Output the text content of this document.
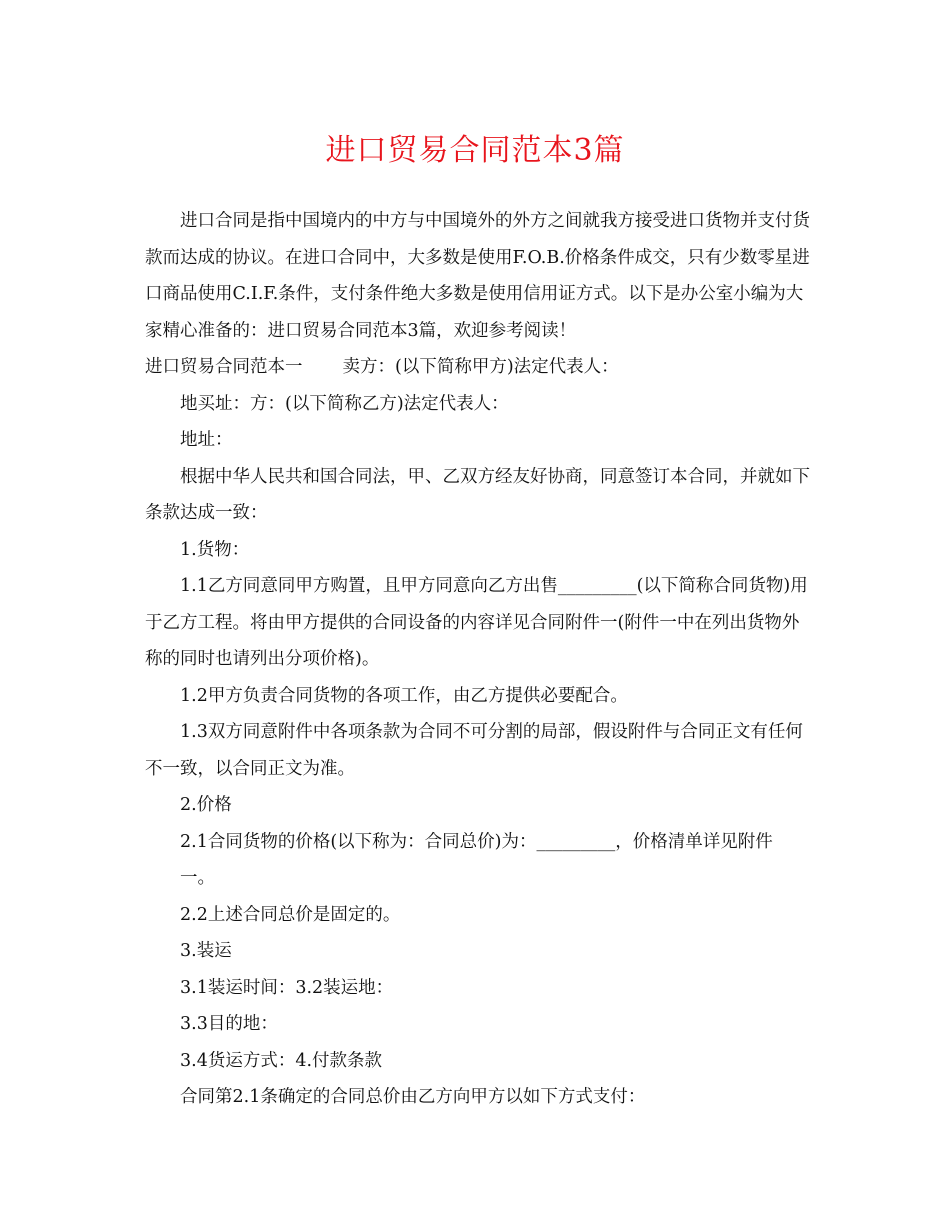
进口贸易合同范本3篇

进口合同是指中国境内的中方与中国境外的外方之间就我方接受进口货物并支付货款而达成的协议。在进口合同中，大多数是使用F.O.B.价格条件成交，只有少数零星进口商品使用C.I.F.条件，支付条件绝大多数是使用信用证方式。以下是办公室小编为大家精心准备的：进口贸易合同范本3篇，欢迎参考阅读！

进口贸易合同范本一 卖方：(以下简称甲方)法定代表人：

地买址：方：(以下简称乙方)法定代表人：

地址：

根据中华人民共和国合同法，甲、乙双方经友好协商，同意签订本合同，并就如下条款达成一致：

1.货物：

1.1乙方同意同甲方购置，且甲方同意向乙方出售_________(以下简称合同货物)用于乙方工程。将由甲方提供的合同设备的内容详见合同附件一(附件一中在列出货物外称的同时也请列出分项价格)。

1.2甲方负责合同货物的各项工作，由乙方提供必要配合。

1.3双方同意附件中各项条款为合同不可分割的局部，假设附件与合同正文有任何不一致，以合同正文为准。

2.价格

2.1合同货物的价格(以下称为：合同总价)为：_________，价格清单详见附件一。

2.2上述合同总价是固定的。

3.装运

3.1装运时间：3.2装运地：

3.3目的地：

3.4货运方式：4.付款条款

合同第2.1条确定的合同总价由乙方向甲方以如下方式支付：
